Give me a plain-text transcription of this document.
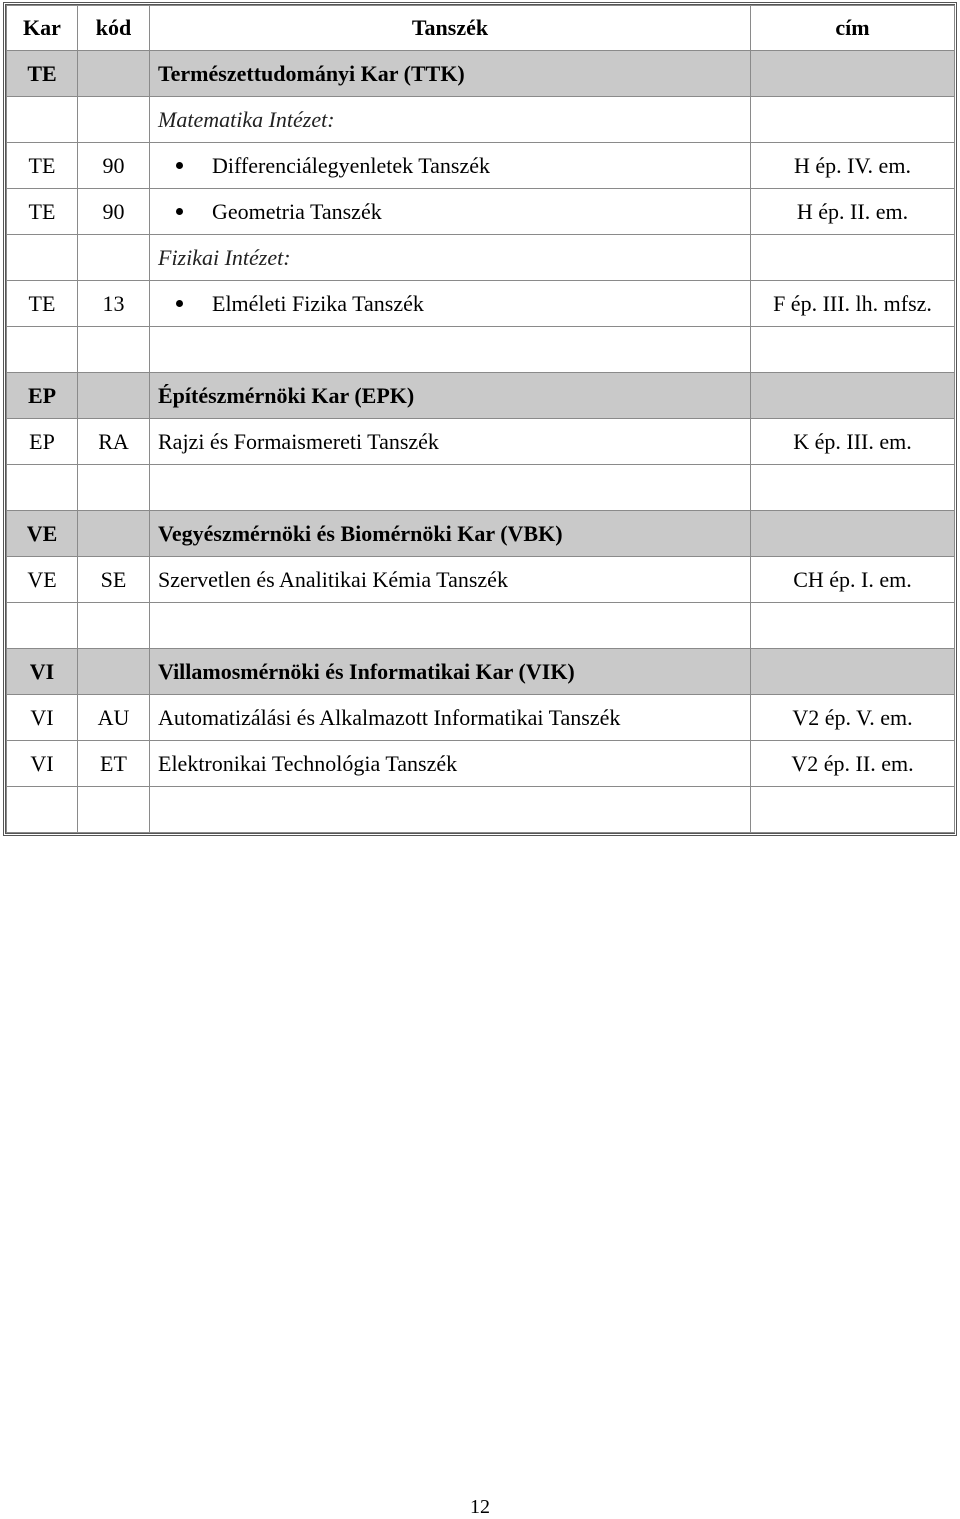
Kar	kód	Tanszék	cím
TE		Természettudományi Kar (TTK)	
		Matematika Intézet:	
TE	90	Differenciálegyenletek Tanszék	H ép. IV. em.
TE	90	Geometria Tanszék	H ép. II. em.
		Fizikai Intézet:	
TE	13	Elméleti Fizika Tanszék	F ép. III. lh. mfsz.

EP		Építészmérnöki Kar (EPK)	
EP	RA	Rajzi és Formaismereti Tanszék	K ép. III. em.

VE		Vegyészmérnöki és Biomérnöki Kar (VBK)	
VE	SE	Szervetlen és Analitikai Kémia Tanszék	CH ép. I. em.

VI		Villamosmérnöki és Informatikai Kar (VIK)	
VI	AU	Automatizálási és Alkalmazott Informatikai Tanszék	V2 ép. V. em.
VI	ET	Elektronikai Technológia Tanszék	V2 ép. II. em.

12
